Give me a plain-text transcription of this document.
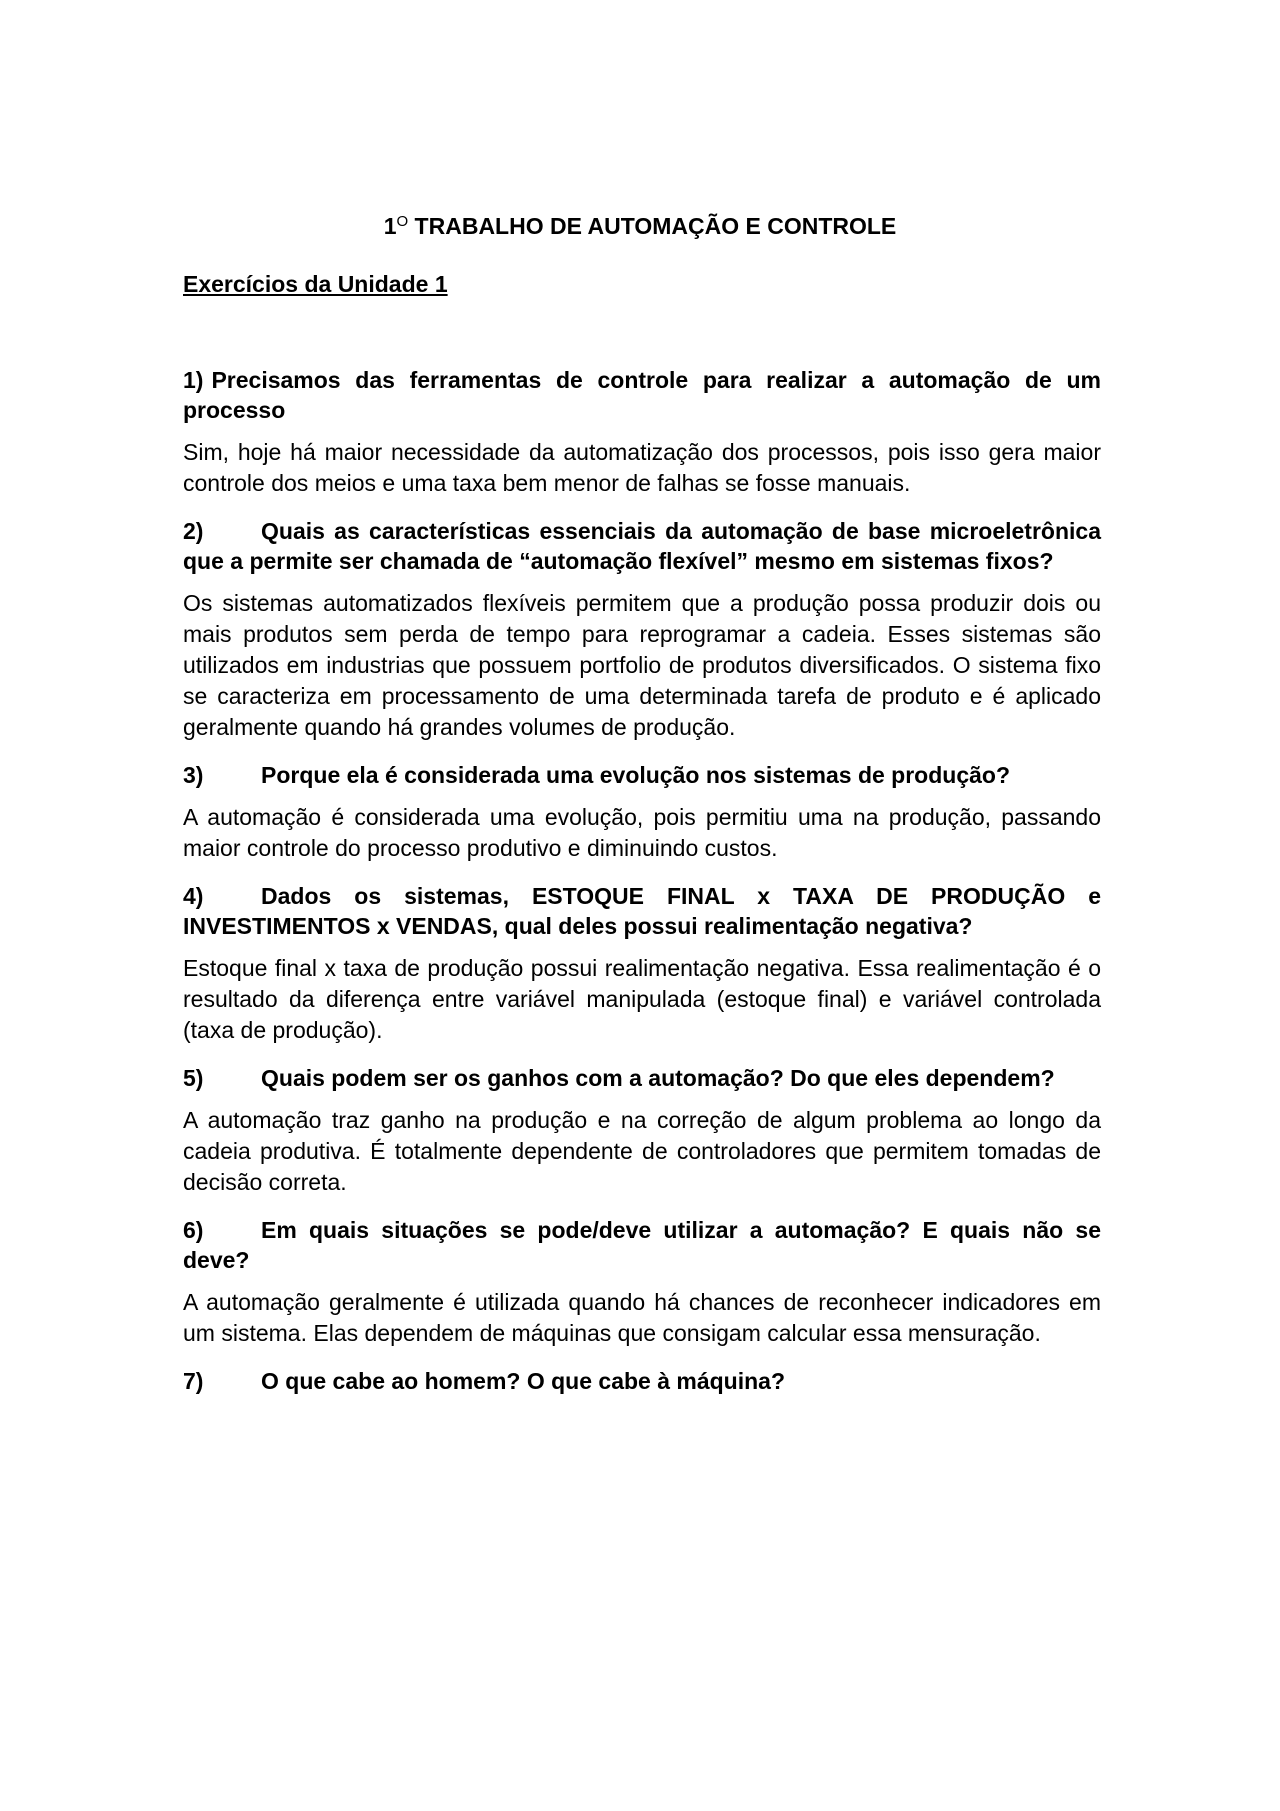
$1^O$ TRABALHO DE AUTOMAÇÃO E CONTROLE
Exercícios da Unidade 1

1) Precisamos das ferramentas de controle para realizar a automação de um processo

Sim, hoje há maior necessidade da automatização dos processos, pois isso gera maior controle dos meios e uma taxa bem menor de falhas se fosse manuais.

2)	Quais as características essenciais da automação de base microeletrônica que a permite ser chamada de “automação flexível” mesmo em sistemas fixos?

Os sistemas automatizados flexíveis permitem que a produção possa produzir dois ou mais produtos sem perda de tempo para reprogramar a cadeia. Esses sistemas são utilizados em industrias que possuem portfolio de produtos diversificados. O sistema fixo se caracteriza em processamento de uma determinada tarefa de produto e é aplicado geralmente quando há grandes volumes de produção.

3)	Porque ela é considerada uma evolução nos sistemas de produção?

A automação é considerada uma evolução, pois permitiu uma na produção, passando maior controle do processo produtivo e diminuindo custos.

4)	Dados os sistemas, ESTOQUE FINAL x TAXA DE PRODUÇÃO e INVESTIMENTOS x VENDAS, qual deles possui realimentação negativa?

Estoque final x taxa de produção possui realimentação negativa. Essa realimentação é o resultado da diferença entre variável manipulada (estoque final) e variável controlada (taxa de produção).

5)	Quais podem ser os ganhos com a automação? Do que eles dependem?

A automação traz ganho na produção e na correção de algum problema ao longo da cadeia produtiva. É totalmente dependente de controladores que permitem tomadas de decisão correta.

6)	Em quais situações se pode/deve utilizar a automação? E quais não se deve?

A automação geralmente é utilizada quando há chances de reconhecer indicadores em um sistema. Elas dependem de máquinas que consigam calcular essa mensuração.

7)	O que cabe ao homem? O que cabe à máquina?
